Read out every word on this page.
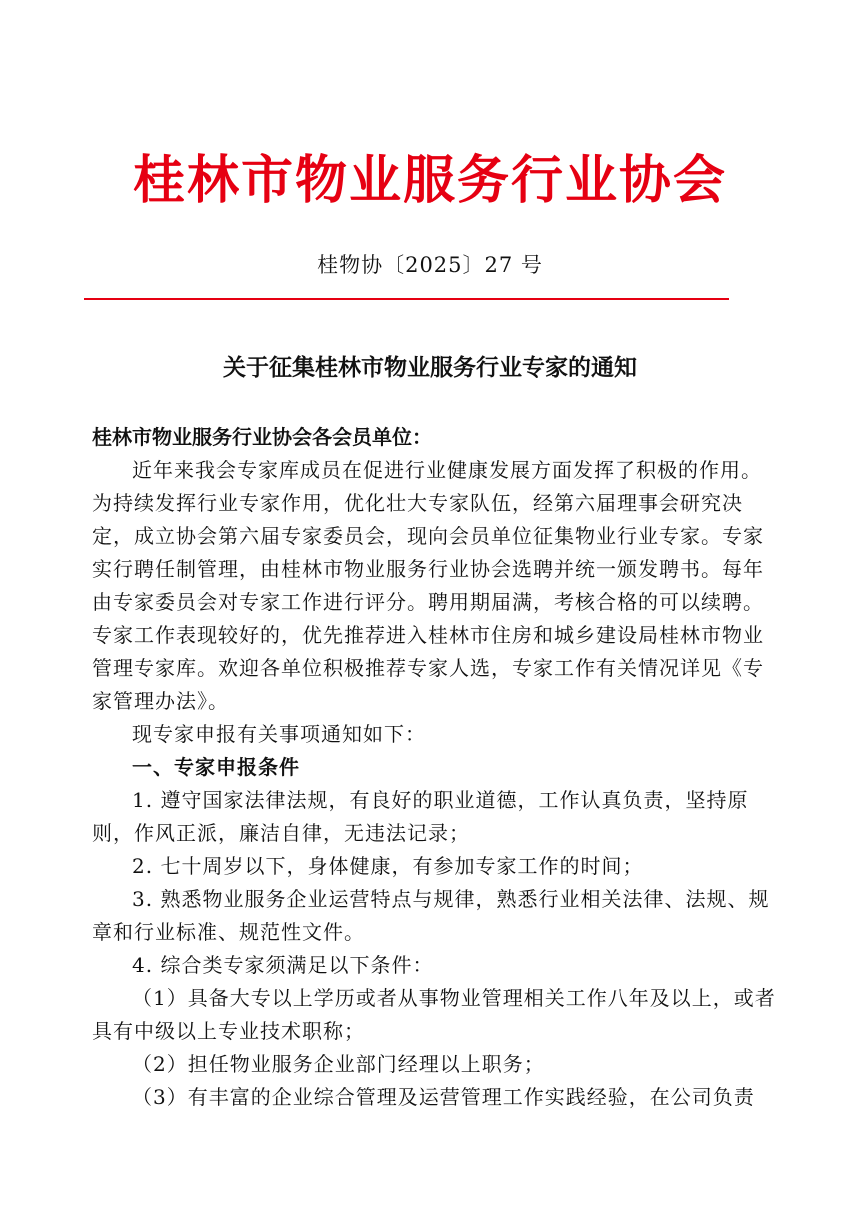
桂林市物业服务行业协会
桂物协〔2025〕27 号
关于征集桂林市物业服务行业专家的通知

桂林市物业服务行业协会各会员单位：

近年来我会专家库成员在促进行业健康发展方面发挥了积极的作用。为持续发挥行业专家作用，优化壮大专家队伍，经第六届理事会研究决定，成立协会第六届专家委员会，现向会员单位征集物业行业专家。专家实行聘任制管理，由桂林市物业服务行业协会选聘并统一颁发聘书。每年由专家委员会对专家工作进行评分。聘用期届满，考核合格的可以续聘。专家工作表现较好的，优先推荐进入桂林市住房和城乡建设局桂林市物业管理专家库。欢迎各单位积极推荐专家人选，专家工作有关情况详见《专家管理办法》。

现专家申报有关事项通知如下：

一、专家申报条件

1. 遵守国家法律法规，有良好的职业道德，工作认真负责，坚持原则，作风正派，廉洁自律，无违法记录；

2. 七十周岁以下，身体健康，有参加专家工作的时间；

3. 熟悉物业服务企业运营特点与规律，熟悉行业相关法律、法规、规章和行业标准、规范性文件。

4. 综合类专家须满足以下条件：

（1）具备大专以上学历或者从事物业管理相关工作八年及以上，或者具有中级以上专业技术职称；

（2）担任物业服务企业部门经理以上职务；

（3）有丰富的企业综合管理及运营管理工作实践经验，在公司负责
